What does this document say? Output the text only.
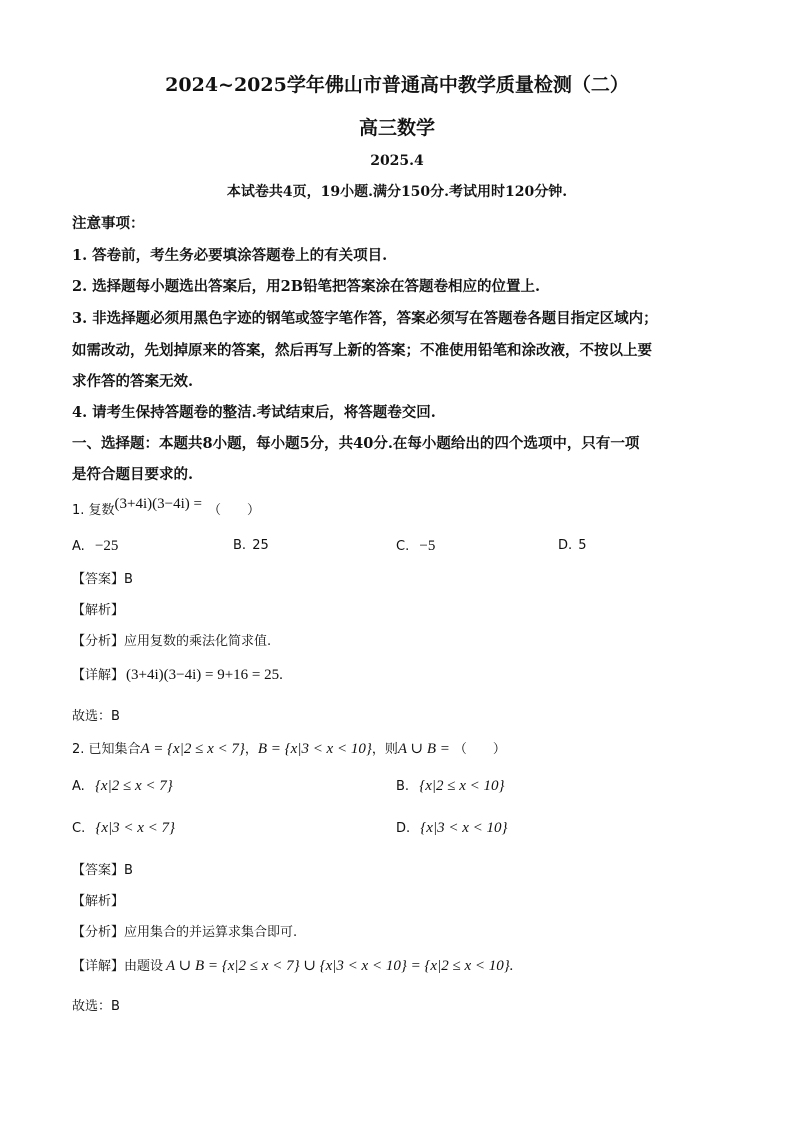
2024~2025学年佛山市普通高中教学质量检测（二）
高三数学
2025.4
本试卷共4页，19小题.满分150分.考试用时120分钟.
注意事项：
1. 答卷前，考生务必要填涂答题卷上的有关项目.
2. 选择题每小题选出答案后，用2B铅笔把答案涂在答题卷相应的位置上.
3. 非选择题必须用黑色字迹的钢笔或签字笔作答，答案必须写在答题卷各题目指定区域内；
如需改动，先划掉原来的答案，然后再写上新的答案；不准使用铅笔和涂改液，不按以上要
求作答的答案无效.
4. 请考生保持答题卷的整洁.考试结束后，将答题卷交回.
一、选择题：本题共8小题，每小题5分，共40分.在每小题给出的四个选项中，只有一项
是符合题目要求的.
1. 复数(3+4i)(3−4i) = （　　）
A. −25	B. 25	C. −5	D. 5
【答案】B
【解析】
【分析】应用复数的乘法化简求值.
【详解】 (3+4i)(3−4i) = 9+16 = 25.
故选：B
2. 已知集合A = {x|2 ≤ x < 7}，B = {x|3 < x < 10}，则A ∪ B = （　　）
A. {x|2 ≤ x < 7}	B. {x|2 ≤ x < 10}
C. {x|3 < x < 7}	D. {x|3 < x < 10}
【答案】B
【解析】
【分析】应用集合的并运算求集合即可.
【详解】由题设 A ∪ B = {x|2 ≤ x < 7} ∪ {x|3 < x < 10} = {x|2 ≤ x < 10}.
故选：B
